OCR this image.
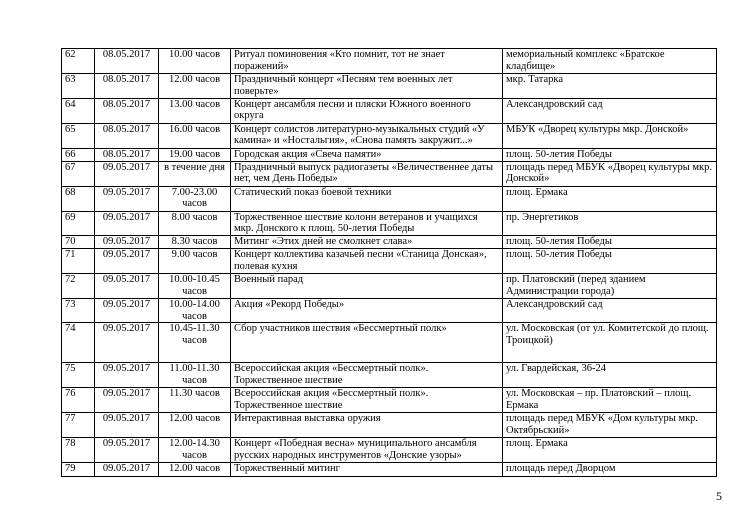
62	08.05.2017	10.00 часов	Ритуал поминовения «Кто помнит, тот не знает поражений»	мемориальный комплекс «Братское кладбище»
63	08.05.2017	12.00 часов	Праздничный концерт «Песням тем военных лет поверьте»	мкр. Татарка
64	08.05.2017	13.00 часов	Концерт ансамбля песни и пляски Южного военного округа	Александровский сад
65	08.05.2017	16.00 часов	Концерт солистов литературно-музыкальных студий «У камина» и «Ностальгия», «Снова память закружит...»	МБУК «Дворец культуры мкр. Донской»
66	08.05.2017	19.00 часов	Городская акция «Свеча памяти»	площ. 50-летия Победы
67	09.05.2017	в течение дня	Праздничный выпуск радиогазеты «Величественнее даты нет, чем День Победы»	площадь перед МБУК «Дворец культуры мкр. Донской»
68	09.05.2017	7.00-23.00 часов	Статический показ боевой техники	площ. Ермака
69	09.05.2017	8.00 часов	Торжественное шествие колонн ветеранов и учащихся мкр. Донского к площ. 50-летия Победы	пр. Энергетиков
70	09.05.2017	8.30 часов	Митинг «Этих дней не смолкнет слава»	площ. 50-летия Победы
71	09.05.2017	9.00 часов	Концерт коллектива казачьей песни «Станица Донская», полевая кухня	площ. 50-летия Победы
72	09.05.2017	10.00-10.45 часов	Военный парад	пр. Платовский (перед зданием Администрации города)
73	09.05.2017	10.00-14.00 часов	Акция «Рекорд Победы»	Александровский сад
74	09.05.2017	10.45-11.30 часов	Сбор участников шествия «Бессмертный полк»	ул. Московская (от ул. Комитетской до площ. Троицкой)
75	09.05.2017	11.00-11.30 часов	Всероссийская акция «Бессмертный полк». Торжественное шествие	ул. Гвардейская, 36-24
76	09.05.2017	11.30 часов	Всероссийская акция «Бессмертный полк». Торжественное шествие	ул. Московская – пр. Платовский – площ. Ермака
77	09.05.2017	12.00 часов	Интерактивная выставка оружия	площадь перед МБУК «Дом культуры мкр. Октябрьский»
78	09.05.2017	12.00-14.30 часов	Концерт «Победная весна» муниципального ансамбля русских народных инструментов «Донские узоры»	площ. Ермака
79	09.05.2017	12.00 часов	Торжественный митинг	площадь перед Дворцом
5
